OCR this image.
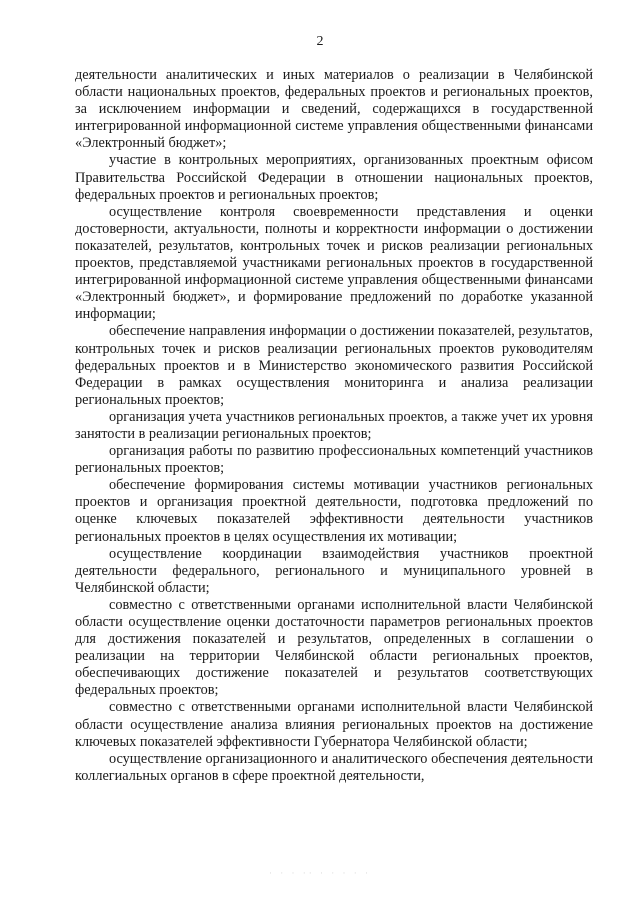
2

деятельности аналитических и иных материалов о реализации в Челябинской области национальных проектов, федеральных проектов и региональных проектов, за исключением информации и сведений, содержащихся в государственной интегрированной информационной системе управления общественными финансами «Электронный бюджет»;

участие в контрольных мероприятиях, организованных проектным офисом Правительства Российской Федерации в отношении национальных проектов, федеральных проектов и региональных проектов;

осуществление контроля своевременности представления и оценки достоверности, актуальности, полноты и корректности информации о достижении показателей, результатов, контрольных точек и рисков реализации региональных проектов, представляемой участниками региональных проектов в государственной интегрированной информационной системе управления общественными финансами «Электронный бюджет», и формирование предложений по доработке указанной информации;

обеспечение направления информации о достижении показателей, результатов, контрольных точек и рисков реализации региональных проектов руководителям федеральных проектов и в Министерство экономического развития Российской Федерации в рамках осуществления мониторинга и анализа реализации региональных проектов;

организация учета участников региональных проектов, а также учет их уровня занятости в реализации региональных проектов;

организация работы по развитию профессиональных компетенций участников региональных проектов;

обеспечение формирования системы мотивации участников региональных проектов и организация проектной деятельности, подготовка предложений по оценке ключевых показателей эффективности деятельности участников региональных проектов в целях осуществления их мотивации;

осуществление координации взаимодействия участников проектной деятельности федерального, регионального и муниципального уровней в Челябинской области;

совместно с ответственными органами исполнительной власти Челябинской области осуществление оценки достаточности параметров региональных проектов для достижения показателей и результатов, определенных в соглашении о реализации на территории Челябинской области региональных проектов, обеспечивающих достижение показателей и результатов соответствующих федеральных проектов;

совместно с ответственными органами исполнительной власти Челябинской области осуществление анализа влияния региональных проектов на достижение ключевых показателей эффективности Губернатора Челябинской области;

осуществление организационного и аналитического обеспечения деятельности коллегиальных органов в сфере проектной деятельности,

· · · ·· · · · · ·
